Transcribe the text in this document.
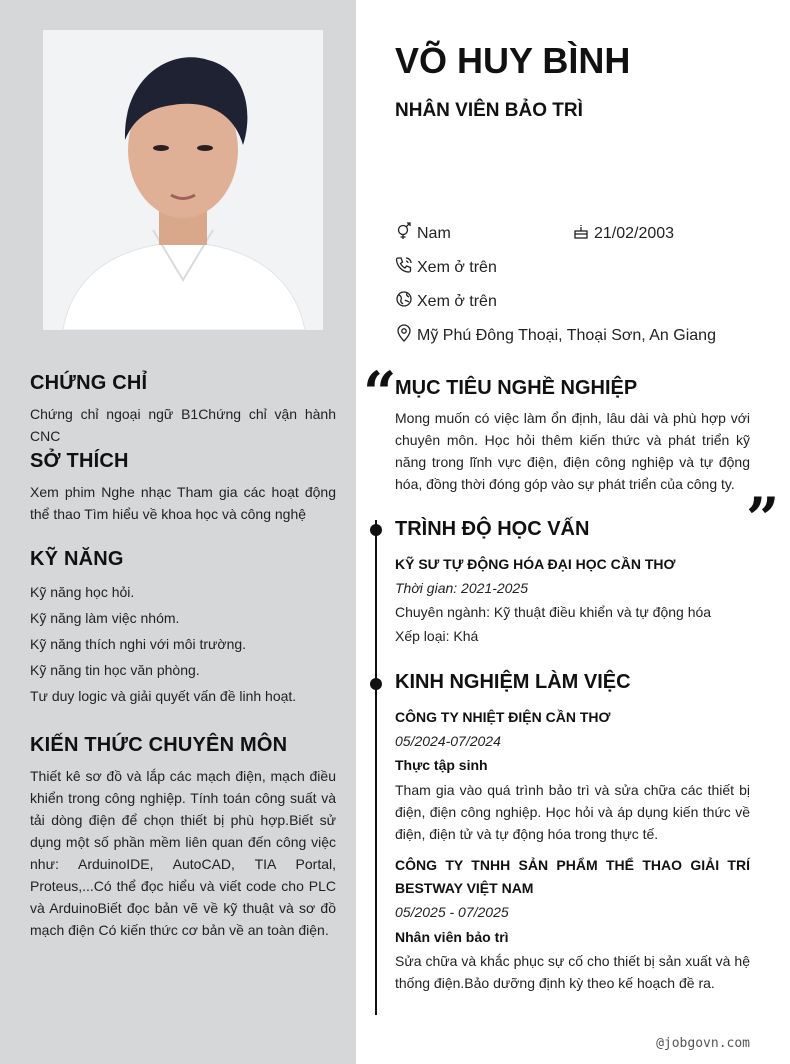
CHỨNG CHỈ
Chứng chỉ ngoại ngữ B1Chứng chỉ vận hành CNC
SỞ THÍCH
Xem phim Nghe nhạc Tham gia các hoạt động thể thao Tìm hiểu về khoa học và công nghệ
KỸ NĂNG
Kỹ năng học hỏi.
Kỹ năng làm việc nhóm.
Kỹ năng thích nghi với môi trường.
Kỹ năng tin học văn phòng.
Tư duy logic và giải quyết vấn đề linh hoạt.
KIẾN THỨC CHUYÊN MÔN
Thiết kê sơ đồ và lắp các mạch điện, mạch điều khiển trong công nghiệp. Tính toán công suất và tải dòng điện để chọn thiết bị phù hợp.Biết sử dụng một số phần mềm liên quan đến công việc như: ArduinoIDE, AutoCAD, TIA Portal, Proteus,...Có thể đọc hiểu và viết code cho PLC và ArduinoBiết đọc bản vẽ về kỹ thuật và sơ đồ mạch điện Có kiến thức cơ bản về an toàn điện.
VÕ HUY BÌNH
NHÂN VIÊN BẢO TRÌ
Nam	21/02/2003
Xem ở trên
Xem ở trên
Mỹ Phú Đông Thoại, Thoại Sơn, An Giang
“
MỤC TIÊU NGHỀ NGHIỆP
Mong muốn có việc làm ổn định, lâu dài và phù hợp với chuyên môn. Học hỏi thêm kiến thức và phát triển kỹ năng trong lĩnh vực điện, điện công nghiệp và tự động hóa, đồng thời đóng góp vào sự phát triển của công ty.
”
TRÌNH ĐỘ HỌC VẤN
KỸ SƯ TỰ ĐỘNG HÓA ĐẠI HỌC CẦN THƠ
Thời gian: 2021-2025
Chuyên ngành: Kỹ thuật điều khiển và tự động hóa
Xếp loại: Khá
KINH NGHIỆM LÀM VIỆC
CÔNG TY NHIỆT ĐIỆN CẦN THƠ
05/2024-07/2024
Thực tập sinh
Tham gia vào quá trình bảo trì và sửa chữa các thiết bị điện, điện công nghiệp. Học hỏi và áp dụng kiến thức về điện, điện tử và tự động hóa trong thực tế.
CÔNG TY TNHH SẢN PHẨM THỂ THAO GIẢI TRÍ BESTWAY VIỆT NAM
05/2025 - 07/2025
Nhân viên bảo trì
Sửa chữa và khắc phục sự cố cho thiết bị sản xuất và hệ thống điện.Bảo dưỡng định kỳ theo kế hoạch đề ra.
@jobgovn.com
